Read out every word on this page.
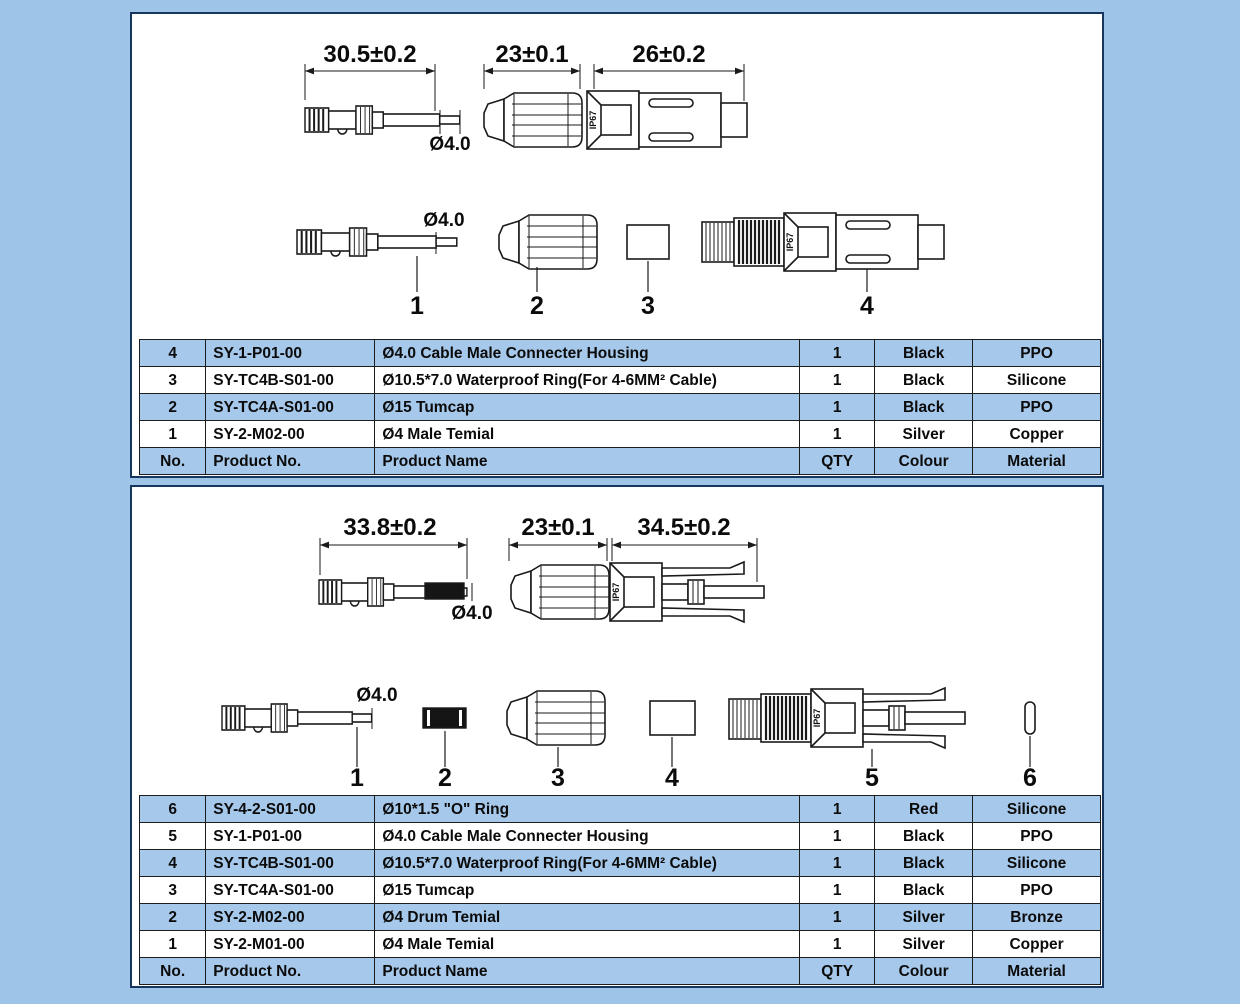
30.5±0.2
Ø4.0
23±0.1	26±0.2
Ø4.0
1	2	3	4
4	SY-1-P01-00	Ø4.0 Cable Male Connecter Housing	1	Black	PPO
3	SY-TC4B-S01-00	Ø10.5*7.0 Waterproof Ring(For 4-6MM² Cable)	1	Black	Silicone
2	SY-TC4A-S01-00	Ø15 Tumcap	1	Black	PPO
1	SY-2-M02-00	Ø4 Male Temial	1	Silver	Copper
No.	Product No.	Product Name	QTY	Colour	Material
33.8±0.2
Ø4.0
23±0.1 34.5±0.2
Ø4.0
1	2	3	4	5	6
6	SY-4-2-S01-00	Ø10*1.5 "O" Ring	1	Red	Silicone
5	SY-1-P01-00	Ø4.0 Cable Male Connecter Housing	1	Black	PPO
4	SY-TC4B-S01-00	Ø10.5*7.0 Waterproof Ring(For 4-6MM² Cable)	1	Black	Silicone
3	SY-TC4A-S01-00	Ø15 Tumcap	1	Black	PPO
2	SY-2-M02-00	Ø4 Drum Temial	1	Silver	Bronze
1	SY-2-M01-00	Ø4 Male Temial	1	Silver	Copper
No.	Product No.	Product Name	QTY	Colour	Material
